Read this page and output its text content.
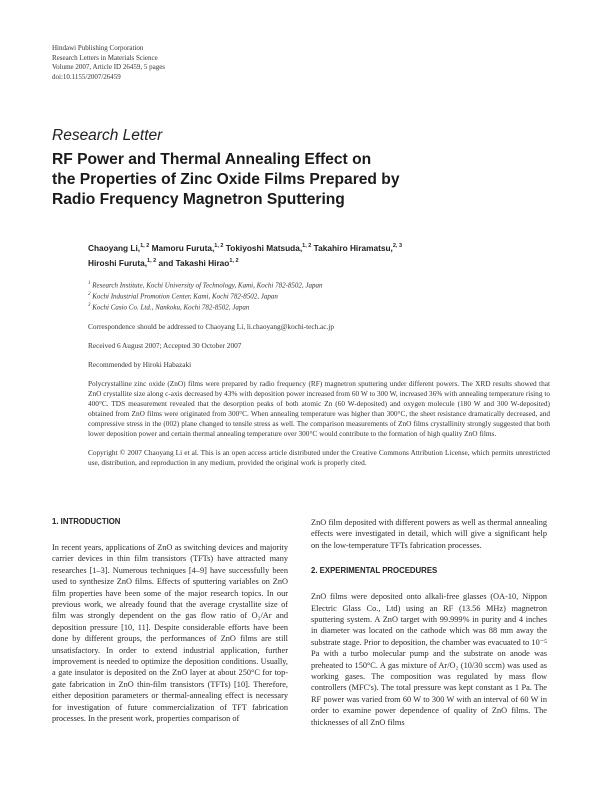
Hindawi Publishing Corporation
Research Letters in Materials Science
Volume 2007, Article ID 26459, 5 pages
doi:10.1155/2007/26459
Research Letter
RF Power and Thermal Annealing Effect on
the Properties of Zinc Oxide Films Prepared by
Radio Frequency Magnetron Sputtering
Chaoyang Li,$^{1, 2}$ Mamoru Furuta,$^{1, 2}$ Tokiyoshi Matsuda,$^{1, 2}$ Takahiro Hiramatsu,$^{2, 3}$
Hiroshi Furuta,$^{1, 2}$ and Takashi Hirao$^{1, 2}$
$^1$ Research Institute, Kochi University of Technology, Kami, Kochi 782-8502, Japan
$^2$ Kochi Industrial Promotion Center, Kami, Kochi 782-8502, Japan
$^3$ Kochi Casio Co. Ltd., Nankoku, Kochi 782-8502, Japan
Correspondence should be addressed to Chaoyang Li, li.chaoyang@kochi-tech.ac.jp
Received 6 August 2007; Accepted 30 October 2007
Recommended by Hiroki Habazaki
Polycrystalline zinc oxide (ZnO) films were prepared by radio frequency (RF) magnetron sputtering under different powers. The XRD results showed that ZnO crystallite size along c-axis decreased by 43% with deposition power increased from 60 W to 300 W, increased 36% with annealing temperature rising to 400°C. TDS measurement revealed that the desorption peaks of both atomic Zn (60 W-deposited) and oxygen molecule (180 W and 300 W-deposited) obtained from ZnO films were originated from 300°C. When annealing temperature was higher than 300°C, the sheet resistance dramatically decreased, and compressive stress in the (002) plane changed to tensile stress as well. The comparison measurements of ZnO films crystallinity strongly suggested that both lower deposition power and certain thermal annealing temperature over 300°C would contribute to the formation of high quality ZnO films.
Copyright © 2007 Chaoyang Li et al. This is an open access article distributed under the Creative Commons Attribution License, which permits unrestricted use, distribution, and reproduction in any medium, provided the original work is properly cited.
1. INTRODUCTION

In recent years, applications of ZnO as switching devices and majority carrier devices in thin film transistors (TFTs) have attracted many researches [1–3]. Numerous techniques [4–9] have successfully been used to synthesize ZnO films. Effects of sputtering variables on ZnO film properties have been some of the major research topics. In our previous work, we already found that the average crystallite size of film was strongly dependent on the gas flow ratio of O₂/Ar and deposition pressure [10, 11]. Despite considerable efforts have been done by different groups, the performances of ZnO films are still unsatisfactory. In order to extend industrial application, further improvement is needed to optimize the deposition conditions. Usually, a gate insulator is deposited on the ZnO layer at about 250°C for top-gate fabrication in ZnO thin-film transistors (TFTs) [10]. Therefore, either deposition parameters or thermal-annealing effect is necessary for investigation of future commercialization of TFT fabrication processes. In the present work, properties comparison of

ZnO film deposited with different powers as well as thermal annealing effects were investigated in detail, which will give a significant help on the low-temperature TFTs fabrication processes.

2. EXPERIMENTAL PROCEDURES

ZnO films were deposited onto alkali-free glasses (OA-10, Nippon Electric Glass Co., Ltd) using an RF (13.56 MHz) magnetron sputtering system. A ZnO target with 99.999% in purity and 4 inches in diameter was located on the cathode which was 88 mm away the substrate stage. Prior to deposition, the chamber was evacuated to 10⁻⁵ Pa with a turbo molecular pump and the substrate on anode was preheated to 150°C. A gas mixture of Ar/O₂ (10/30 sccm) was used as working gases. The composition was regulated by mass flow controllers (MFC's). The total pressure was kept constant as 1 Pa. The RF power was varied from 60 W to 300 W with an interval of 60 W in order to examine power dependence of quality of ZnO films. The thicknesses of all ZnO films
